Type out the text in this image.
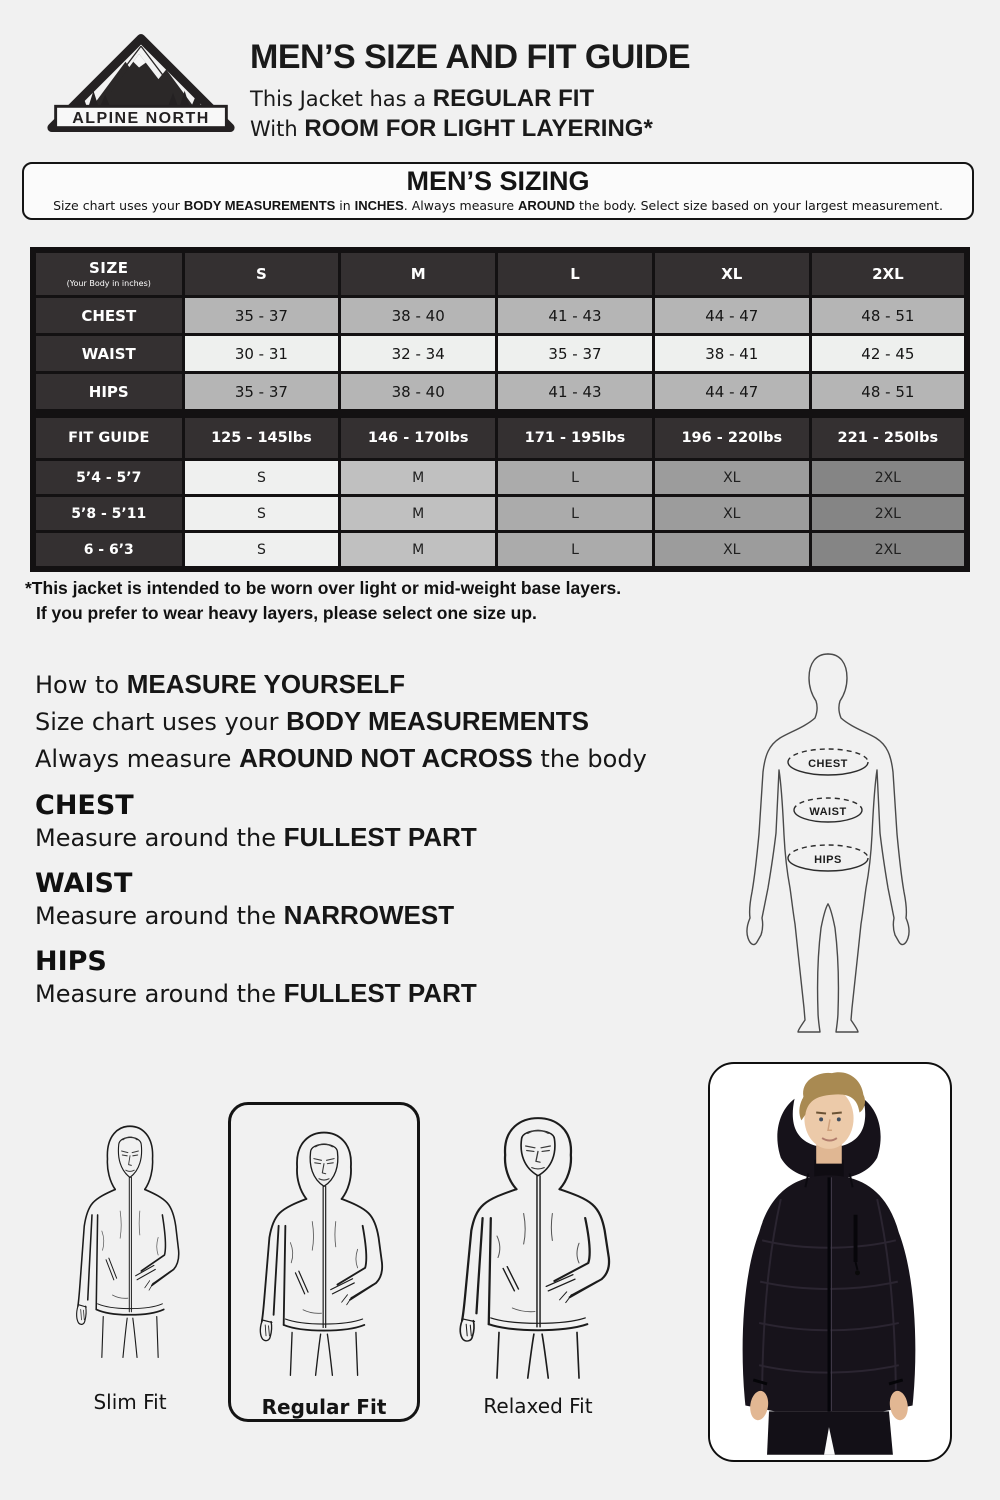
ALPINE NORTH
MEN’S SIZE AND FIT GUIDE

This Jacket has a REGULAR FIT

With ROOM FOR LIGHT LAYERING*

MEN’S SIZING
Size chart uses your BODY MEASUREMENTS in INCHES. Always measure AROUND the body. Select size based on your largest measurement.
SIZE
(Your Body in inches)	S	M	L	XL	2XL
CHEST	35 - 37	38 - 40	41 - 43	44 - 47	48 - 51
WAIST	30 - 31	32 - 34	35 - 37	38 - 41	42 - 45
HIPS	35 - 37	38 - 40	41 - 43	44 - 47	48 - 51
FIT GUIDE	125 - 145lbs	146 - 170lbs	171 - 195lbs	196 - 220lbs	221 - 250lbs
5’4 - 5’7	S	M	L	XL	2XL
5’8 - 5’11	S	M	L	XL	2XL
6 - 6’3	S	M	L	XL	2XL
*This jacket is intended to be worn over light or mid-weight base layers.
If you prefer to wear heavy layers, please select one size up.
How to MEASURE YOURSELF
Size chart uses your BODY MEASUREMENTS
Always measure AROUND NOT ACROSS the body
CHEST

Measure around the FULLEST PART

WAIST

Measure around the NARROWEST

HIPS

Measure around the FULLEST PART

CHEST
WAIST
HIPS
Slim Fit	Regular Fit	Relaxed Fit
